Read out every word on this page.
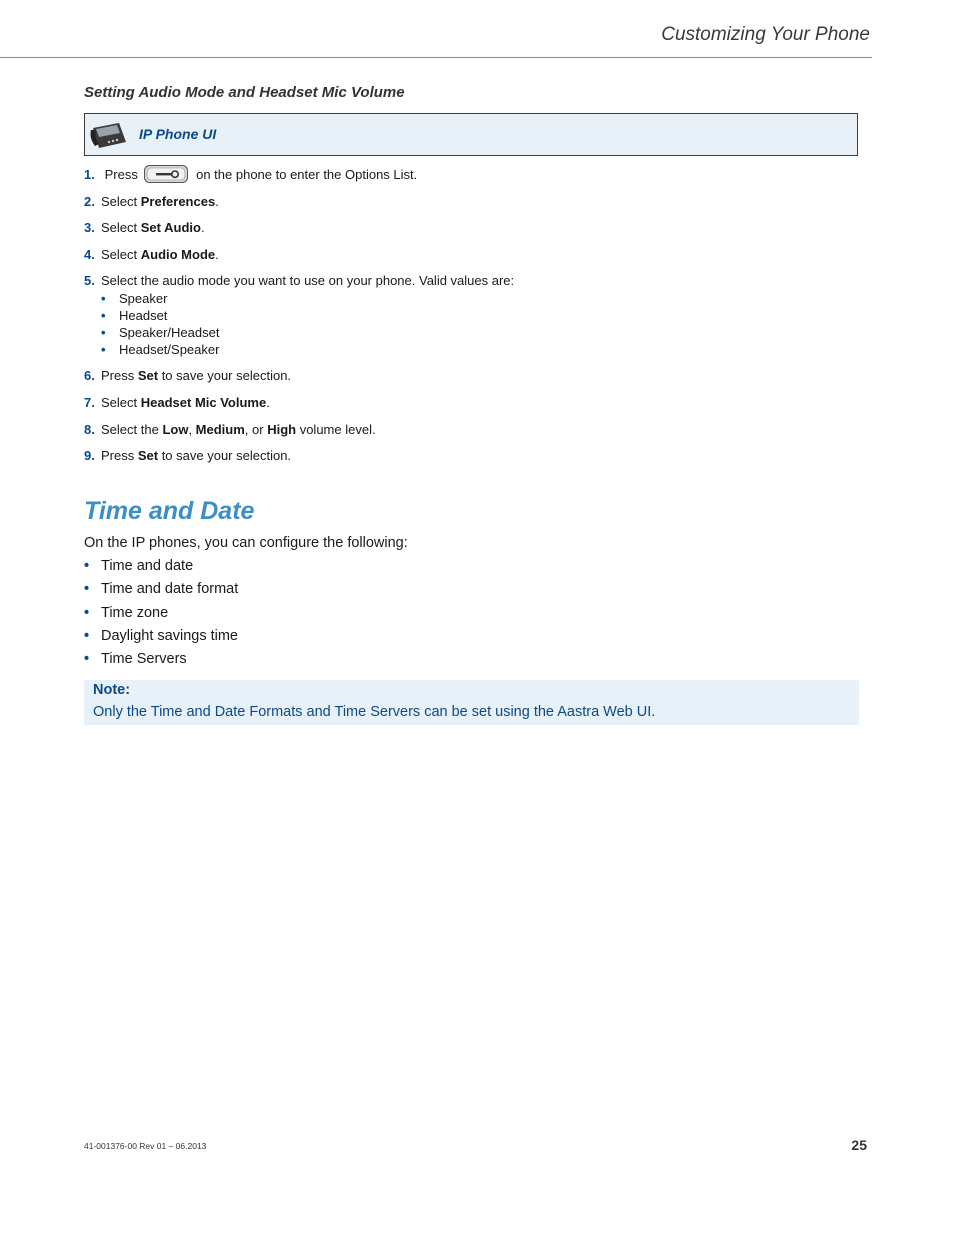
Customizing Your Phone
Setting Audio Mode and Headset Mic Volume
IP Phone UI
1. Press	on the phone to enter the Options List.
2. Select Preferences.
3. Select Set Audio.
4. Select Audio Mode.
5. Select the audio mode you want to use on your phone. Valid values are:
• Speaker
• Headset
• Speaker/Headset
• Headset/Speaker
6. Press Set to save your selection.
7. Select Headset Mic Volume.
8. Select the Low, Medium, or High volume level.
9. Press Set to save your selection.
Time and Date
On the IP phones, you can configure the following:
• Time and date
• Time and date format
• Time zone
• Daylight savings time
• Time Servers
Note:
Only the Time and Date Formats and Time Servers can be set using the Aastra Web UI.
41-001376-00 Rev 01 – 06.2013	25
